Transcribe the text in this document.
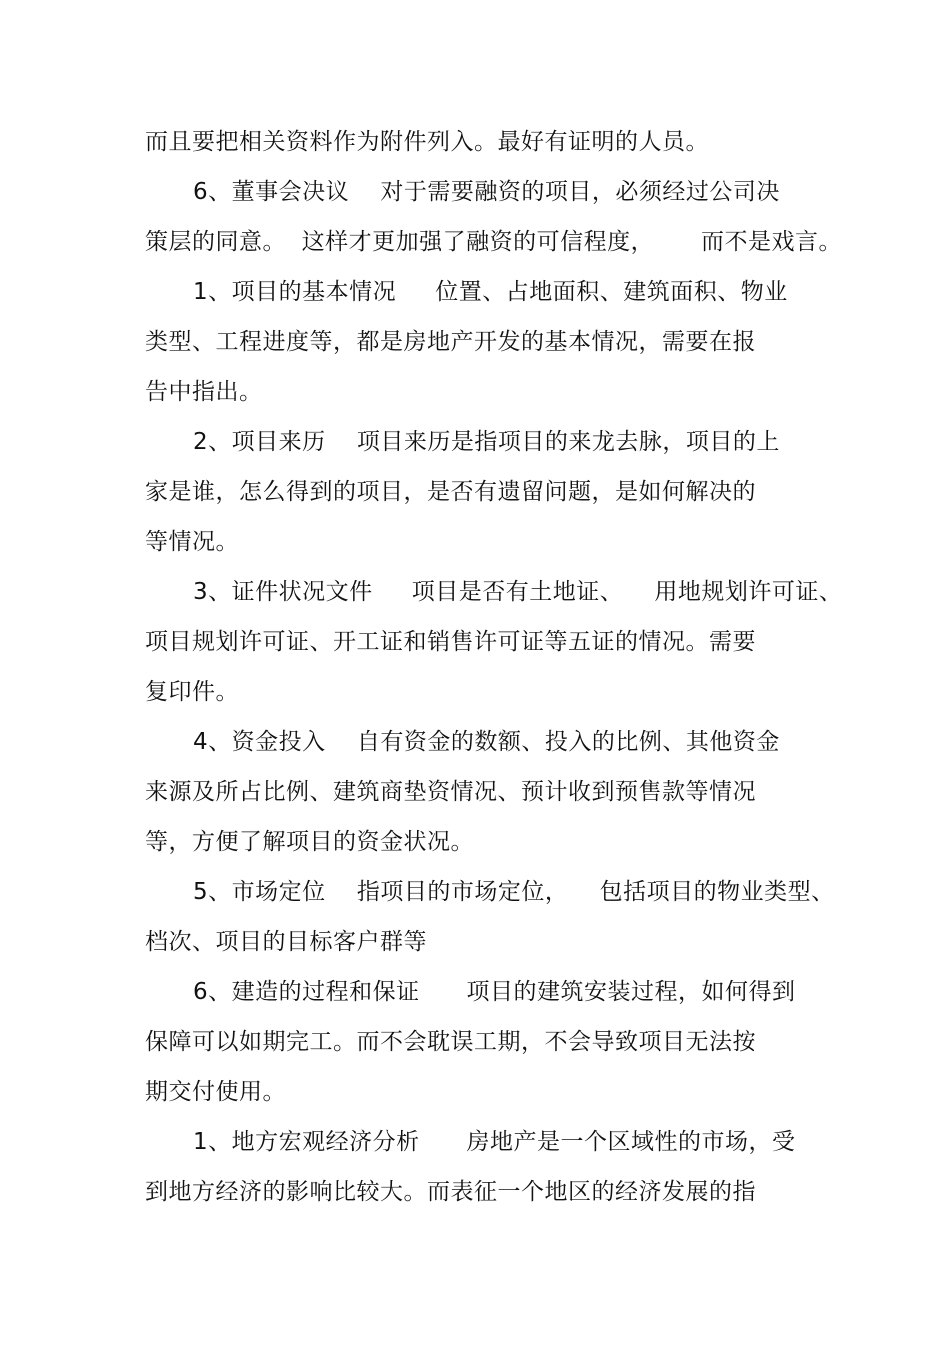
而且要把相关资料作为附件列入。最好有证明的人员。
6、董事会决议    对于需要融资的项目，必须经过公司决
策层的同意。  这样才更加强了融资的可信程度，      而不是戏言。
1、项目的基本情况     位置、占地面积、建筑面积、物业
类型、工程进度等，都是房地产开发的基本情况，需要在报
告中指出。
2、项目来历    项目来历是指项目的来龙去脉，项目的上
家是谁，怎么得到的项目，是否有遗留问题，是如何解决的
等情况。
3、证件状况文件     项目是否有土地证、    用地规划许可证、
项目规划许可证、开工证和销售许可证等五证的情况。需要
复印件。
4、资金投入    自有资金的数额、投入的比例、其他资金
来源及所占比例、建筑商垫资情况、预计收到预售款等情况
等，方便了解项目的资金状况。
5、市场定位    指项目的市场定位，    包括项目的物业类型、
档次、项目的目标客户群等
6、建造的过程和保证      项目的建筑安装过程，如何得到
保障可以如期完工。而不会耽误工期，不会导致项目无法按
期交付使用。
1、地方宏观经济分析      房地产是一个区域性的市场，受
到地方经济的影响比较大。而表征一个地区的经济发展的指
